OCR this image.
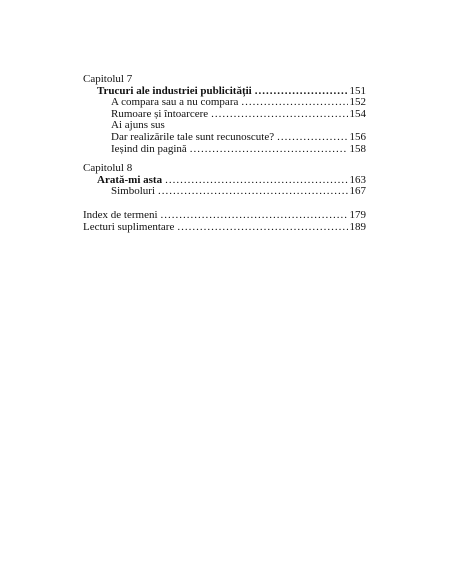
Capitolul 7
Trucuri ale industriei publicității .....	151
A compara sau a nu compara .....	152
Rumoare și întoarcere .....	154
Ai ajuns sus
Dar realizările tale sunt recunoscute? .....	156
Ieșind din pagină .....	158
Capitolul 8
Arată-mi asta .....	163
Simboluri .....	167
Index de termeni .....	179
Lecturi suplimentare .....	189
